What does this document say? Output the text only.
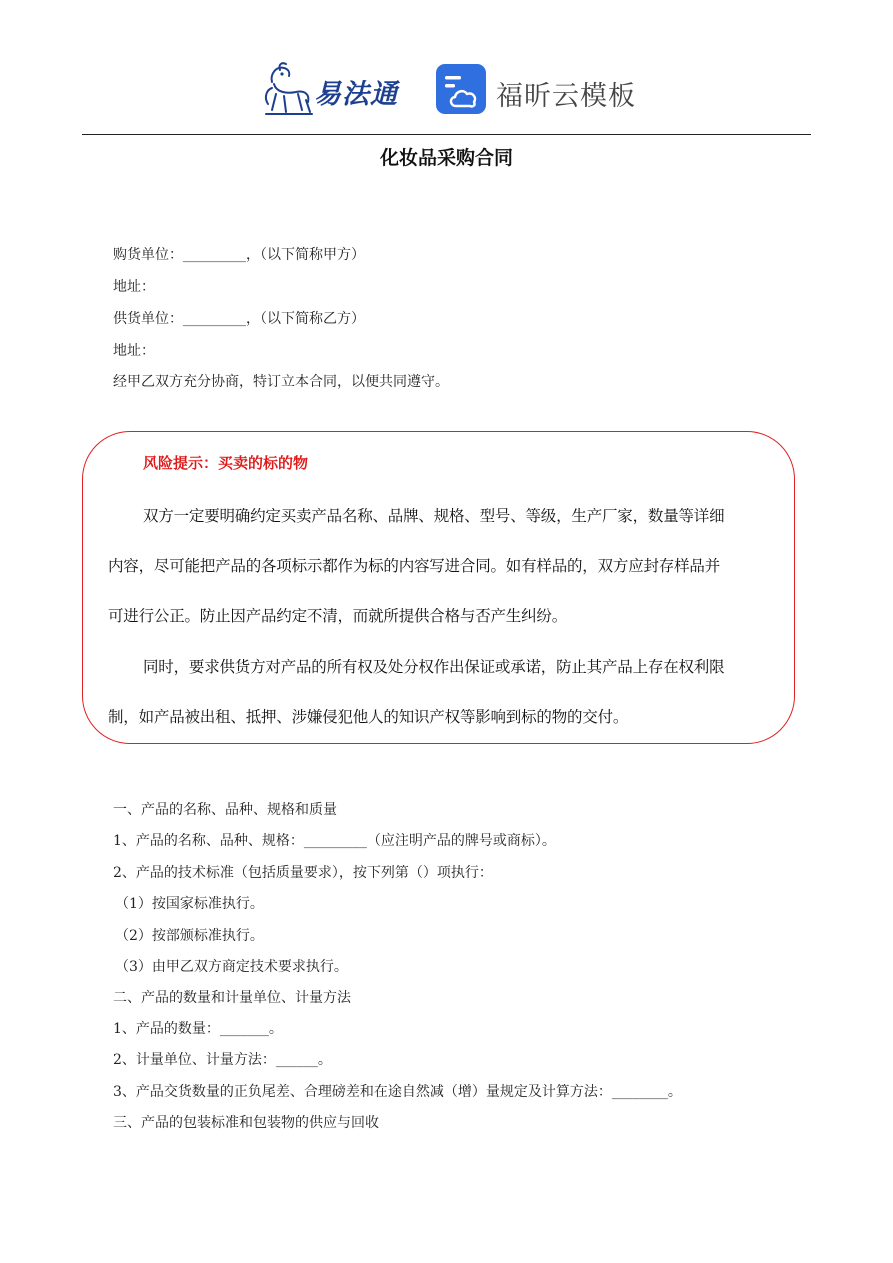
易法通	福昕云模板
化妆品采购合同
购货单位：_________，（以下简称甲方）
地址：
供货单位：_________，（以下简称乙方）
地址：
经甲乙双方充分协商，特订立本合同，以便共同遵守。
风险提示：买卖的标的物
双方一定要明确约定买卖产品名称、品牌、规格、型号、等级，生产厂家，数量等详细
内容，尽可能把产品的各项标示都作为标的内容写进合同。如有样品的，双方应封存样品并
可进行公正。防止因产品约定不清，而就所提供合格与否产生纠纷。
同时，要求供货方对产品的所有权及处分权作出保证或承诺，防止其产品上存在权利限
制，如产品被出租、抵押、涉嫌侵犯他人的知识产权等影响到标的物的交付。
一、产品的名称、品种、规格和质量
1、产品的名称、品种、规格：_________（应注明产品的牌号或商标）。
2、产品的技术标准（包括质量要求），按下列第（）项执行：
（1）按国家标准执行。
（2）按部颁标准执行。
（3）由甲乙双方商定技术要求执行。
二、产品的数量和计量单位、计量方法
1、产品的数量：_______。
2、计量单位、计量方法：______。
3、产品交货数量的正负尾差、合理磅差和在途自然减（增）量规定及计算方法：________。
三、产品的包装标准和包装物的供应与回收
